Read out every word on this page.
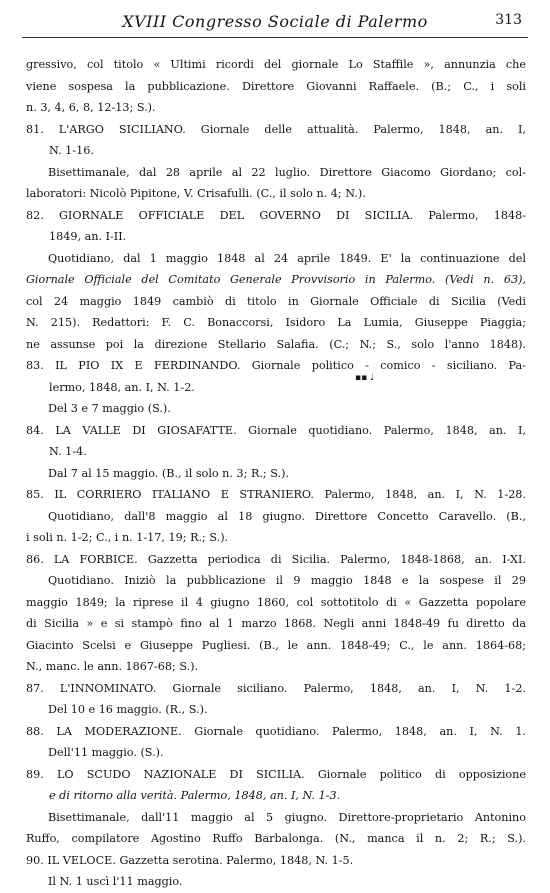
XVIII Congresso Sociale di Palermo	313
gressivo, col titolo « Ultimi ricordi del giornale Lo Staffile », annunzia che
viene sospesa la pubblicazione. Direttore Giovanni Raffaele. (B.; C., i soli
n. 3, 4, 6, 8, 12-13; S.).
81. L'ARGO SICILIANO. Giornale delle attualità. Palermo, 1848, an. I,
N. 1-16.
Bisettimanale, dal 28 aprile al 22 luglio. Direttore Giacomo Giordano; col-
laboratori: Nicolò Pipitone, V. Crisafulli. (C., il solo n. 4; N.).
82. GIORNALE OFFICIALE DEL GOVERNO DI SICILIA. Palermo, 1848-
1849, an. I-II.
Quotidiano, dal 1 maggio 1848 al 24 aprile 1849. E' la continuazione del
Giornale Officiale del Comitato Generale Provvisorio in Palermo. (Vedi n. 63),
col 24 maggio 1849 cambiò di titolo in Giornale Officiale di Sicilia (Vedi
N. 215). Redattori: F. C. Bonaccorsi, Isidoro La Lumia, Giuseppe Piaggia;
ne assunse poi la direzione Stellario Salafia. (C.; N.; S., solo l'anno 1848).
83. IL PIO IX E FERDINANDO. Giornale politico - comico - siciliano. Pa-
lermo, 1848, an. I, N. 1-2.
Del 3 e 7 maggio (S.).
84. LA VALLE DI GIOSAFATTE. Giornale quotidiano. Palermo, 1848, an. I,
N. 1-4.
Dal 7 al 15 maggio. (B., il solo n. 3; R.; S.).
85. IL CORRIERO ITALIANO E STRANIERO. Palermo, 1848, an. I, N. 1-28.
Quotidiano, dall'8 maggio al 18 giugno. Direttore Concetto Caravello. (B.,
i soli n. 1-2; C., i n. 1-17, 19; R.; S.).
86. LA FORBICE. Gazzetta periodica di Sicilia. Palermo, 1848-1868, an. I-XI.
Quotidiano. Iniziò la pubblicazione il 9 maggio 1848 e la sospese il 29
maggio 1849; la riprese il 4 giugno 1860, col sottotitolo di « Gazzetta popolare
di Sicilia » e si stampò fino al 1 marzo 1868. Negli anni 1848-49 fu diretto da
Giacinto Scelsi e Giuseppe Pugliesi. (B., le ann. 1848-49; C., le ann. 1864-68;
N., manc. le ann. 1867-68; S.).
87. L'INNOMINATO. Giornale siciliano. Palermo, 1848, an. I, N. 1-2.
Del 10 e 16 maggio. (R., S.).
88. LA MODERAZIONE. Giornale quotidiano. Palermo, 1848, an. I, N. 1.
Dell'11 maggio. (S.).
89. LO SCUDO NAZIONALE DI SICILIA. Giornale politico di opposizione
e di ritorno alla verità. Palermo, 1848, an. I, N. 1-3.
Bisettimanale, dall'11 maggio al 5 giugno. Direttore-proprietario Antonino
Ruffo, compilatore Agostino Ruffo Barbalonga. (N., manca il n. 2; R.; S.).
90. IL VELOCE. Gazzetta serotina. Palermo, 1848, N. 1-5.
Il N. 1 uscì l'11 maggio.
▪▪ ♩
